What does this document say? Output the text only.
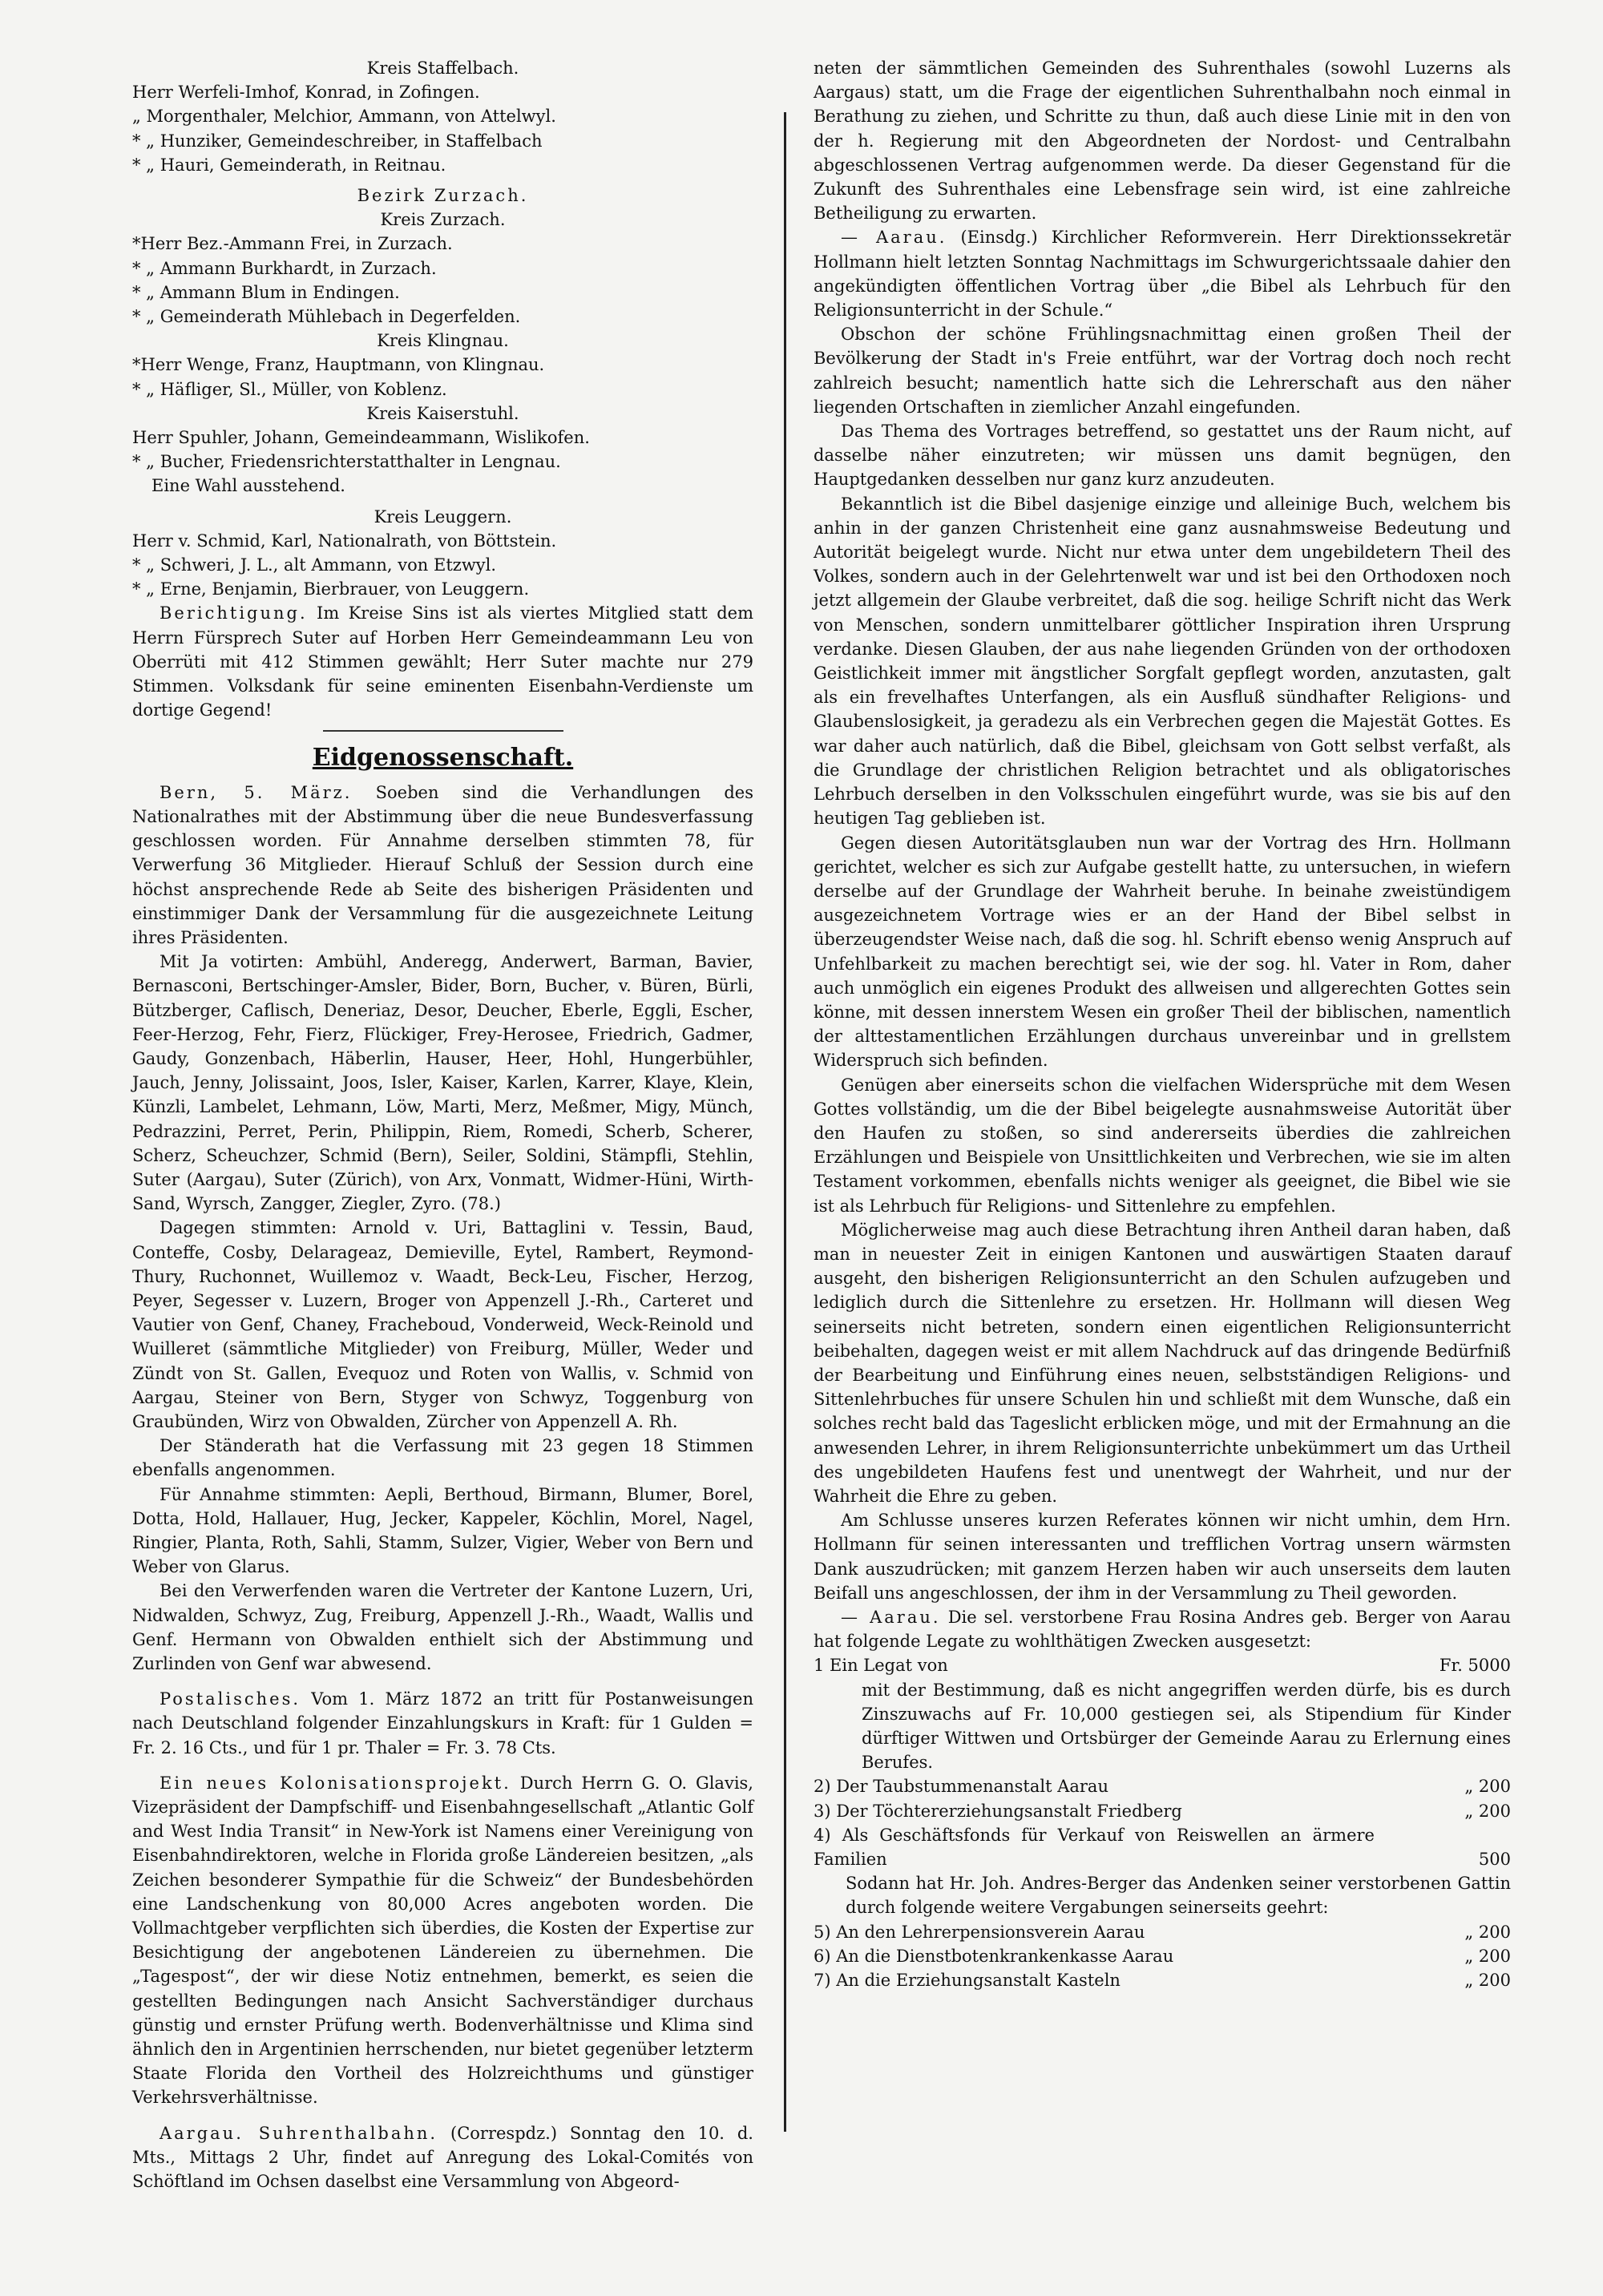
Kreis Staffelbach.

Herr Werfeli-Imhof, Konrad, in Zofingen.

„ Morgenthaler, Melchior, Ammann, von Attelwyl.

* „ Hunziker, Gemeindeschreiber, in Staffelbach

* „ Hauri, Gemeinderath, in Reitnau.

Bezirk Zurzach.

Kreis Zurzach.

*Herr Bez.-Ammann Frei, in Zurzach.

* „ Ammann Burkhardt, in Zurzach.

* „ Ammann Blum in Endingen.

* „ Gemeinderath Mühlebach in Degerfelden.

Kreis Klingnau.

*Herr Wenge, Franz, Hauptmann, von Klingnau.

* „ Häfliger, Sl., Müller, von Koblenz.

Kreis Kaiserstuhl.

Herr Spuhler, Johann, Gemeindeammann, Wislikofen.

* „ Bucher, Friedensrichterstatthalter in Lengnau.

Eine Wahl ausstehend.

Kreis Leuggern.

Herr v. Schmid, Karl, Nationalrath, von Böttstein.

* „ Schweri, J. L., alt Ammann, von Etzwyl.

* „ Erne, Benjamin, Bierbrauer, von Leuggern.

Berichtigung. Im Kreise Sins ist als viertes Mitglied statt dem Herrn Fürsprech Suter auf Horben Herr Gemeindeammann Leu von Oberrüti mit 412 Stimmen gewählt; Herr Suter machte nur 279 Stimmen. Volksdank für seine eminenten Eisenbahn-Verdienste um dortige Gegend!

Eidgenossenschaft.

Bern, 5. März. Soeben sind die Verhandlungen des Nationalrathes mit der Abstimmung über die neue Bundesverfassung geschlossen worden. Für Annahme derselben stimmten 78, für Verwerfung 36 Mitglieder. Hierauf Schluß der Session durch eine höchst ansprechende Rede ab Seite des bisherigen Präsidenten und einstimmiger Dank der Versammlung für die ausgezeichnete Leitung ihres Präsidenten.

Mit Ja votirten: Ambühl, Anderegg, Anderwert, Barman, Bavier, Bernasconi, Bertschinger-Amsler, Bider, Born, Bucher, v. Büren, Bürli, Bützberger, Caflisch, Deneriaz, Desor, Deucher, Eberle, Eggli, Escher, Feer-Herzog, Fehr, Fierz, Flückiger, Frey-Herosee, Friedrich, Gadmer, Gaudy, Gonzenbach, Häberlin, Hauser, Heer, Hohl, Hungerbühler, Jauch, Jenny, Jolissaint, Joos, Isler, Kaiser, Karlen, Karrer, Klaye, Klein, Künzli, Lambelet, Lehmann, Löw, Marti, Merz, Meßmer, Migy, Münch, Pedrazzini, Perret, Perin, Philippin, Riem, Romedi, Scherb, Scherer, Scherz, Scheuchzer, Schmid (Bern), Seiler, Soldini, Stämpfli, Stehlin, Suter (Aargau), Suter (Zürich), von Arx, Vonmatt, Widmer-Hüni, Wirth-Sand, Wyrsch, Zangger, Ziegler, Zyro. (78.)

Dagegen stimmten: Arnold v. Uri, Battaglini v. Tessin, Baud, Conteffe, Cosby, Delarageaz, Demieville, Eytel, Rambert, Reymond-Thury, Ruchonnet, Wuillemoz v. Waadt, Beck-Leu, Fischer, Herzog, Peyer, Segesser v. Luzern, Broger von Appenzell J.-Rh., Carteret und Vautier von Genf, Chaney, Fracheboud, Vonderweid, Weck-Reinold und Wuilleret (sämmtliche Mitglieder) von Freiburg, Müller, Weder und Zündt von St. Gallen, Evequoz und Roten von Wallis, v. Schmid von Aargau, Steiner von Bern, Styger von Schwyz, Toggenburg von Graubünden, Wirz von Obwalden, Zürcher von Appenzell A. Rh.

Der Ständerath hat die Verfassung mit 23 gegen 18 Stimmen ebenfalls angenommen.

Für Annahme stimmten: Aepli, Berthoud, Birmann, Blumer, Borel, Dotta, Hold, Hallauer, Hug, Jecker, Kappeler, Köchlin, Morel, Nagel, Ringier, Planta, Roth, Sahli, Stamm, Sulzer, Vigier, Weber von Bern und Weber von Glarus.

Bei den Verwerfenden waren die Vertreter der Kantone Luzern, Uri, Nidwalden, Schwyz, Zug, Freiburg, Appenzell J.-Rh., Waadt, Wallis und Genf. Hermann von Obwalden enthielt sich der Abstimmung und Zurlinden von Genf war abwesend.

Postalisches. Vom 1. März 1872 an tritt für Postanweisungen nach Deutschland folgender Einzahlungskurs in Kraft: für 1 Gulden = Fr. 2. 16 Cts., und für 1 pr. Thaler = Fr. 3. 78 Cts.

Ein neues Kolonisationsprojekt. Durch Herrn G. O. Glavis, Vizepräsident der Dampfschiff- und Eisenbahngesellschaft „Atlantic Golf and West India Transit“ in New-York ist Namens einer Vereinigung von Eisenbahndirektoren, welche in Florida große Ländereien besitzen, „als Zeichen besonderer Sympathie für die Schweiz“ der Bundesbehörden eine Landschenkung von 80,000 Acres angeboten worden. Die Vollmachtgeber verpflichten sich überdies, die Kosten der Expertise zur Besichtigung der angebotenen Ländereien zu übernehmen. Die „Tagespost“, der wir diese Notiz entnehmen, bemerkt, es seien die gestellten Bedingungen nach Ansicht Sachverständiger durchaus günstig und ernster Prüfung werth. Bodenverhältnisse und Klima sind ähnlich den in Argentinien herrschenden, nur bietet gegenüber letzterm Staate Florida den Vortheil des Holzreichthums und günstiger Verkehrsverhältnisse.

Aargau. Suhrenthalbahn. (Correspdz.) Sonntag den 10. d. Mts., Mittags 2 Uhr, findet auf Anregung des Lokal-Comités von Schöftland im Ochsen daselbst eine Versammlung von Abgeord-

neten der sämmtlichen Gemeinden des Suhrenthales (sowohl Luzerns als Aargaus) statt, um die Frage der eigentlichen Suhrenthalbahn noch einmal in Berathung zu ziehen, und Schritte zu thun, daß auch diese Linie mit in den von der h. Regierung mit den Abgeordneten der Nordost- und Centralbahn abgeschlossenen Vertrag aufgenommen werde. Da dieser Gegenstand für die Zukunft des Suhrenthales eine Lebensfrage sein wird, ist eine zahlreiche Betheiligung zu erwarten.

— Aarau. (Einsdg.) Kirchlicher Reformverein. Herr Direktionssekretär Hollmann hielt letzten Sonntag Nachmittags im Schwurgerichtssaale dahier den angekündigten öffentlichen Vortrag über „die Bibel als Lehrbuch für den Religionsunterricht in der Schule.“

Obschon der schöne Frühlingsnachmittag einen großen Theil der Bevölkerung der Stadt in's Freie entführt, war der Vortrag doch noch recht zahlreich besucht; namentlich hatte sich die Lehrerschaft aus den näher liegenden Ortschaften in ziemlicher Anzahl eingefunden.

Das Thema des Vortrages betreffend, so gestattet uns der Raum nicht, auf dasselbe näher einzutreten; wir müssen uns damit begnügen, den Hauptgedanken desselben nur ganz kurz anzudeuten.

Bekanntlich ist die Bibel dasjenige einzige und alleinige Buch, welchem bis anhin in der ganzen Christenheit eine ganz ausnahmsweise Bedeutung und Autorität beigelegt wurde. Nicht nur etwa unter dem ungebildetern Theil des Volkes, sondern auch in der Gelehrtenwelt war und ist bei den Orthodoxen noch jetzt allgemein der Glaube verbreitet, daß die sog. heilige Schrift nicht das Werk von Menschen, sondern unmittelbarer göttlicher Inspiration ihren Ursprung verdanke. Diesen Glauben, der aus nahe liegenden Gründen von der orthodoxen Geistlichkeit immer mit ängstlicher Sorgfalt gepflegt worden, anzutasten, galt als ein frevelhaftes Unterfangen, als ein Ausfluß sündhafter Religions- und Glaubenslosigkeit, ja geradezu als ein Verbrechen gegen die Majestät Gottes. Es war daher auch natürlich, daß die Bibel, gleichsam von Gott selbst verfaßt, als die Grundlage der christlichen Religion betrachtet und als obligatorisches Lehrbuch derselben in den Volksschulen eingeführt wurde, was sie bis auf den heutigen Tag geblieben ist.

Gegen diesen Autoritätsglauben nun war der Vortrag des Hrn. Hollmann gerichtet, welcher es sich zur Aufgabe gestellt hatte, zu untersuchen, in wiefern derselbe auf der Grundlage der Wahrheit beruhe. In beinahe zweistündigem ausgezeichnetem Vortrage wies er an der Hand der Bibel selbst in überzeugendster Weise nach, daß die sog. hl. Schrift ebenso wenig Anspruch auf Unfehlbarkeit zu machen berechtigt sei, wie der sog. hl. Vater in Rom, daher auch unmöglich ein eigenes Produkt des allweisen und allgerechten Gottes sein könne, mit dessen innerstem Wesen ein großer Theil der biblischen, namentlich der alttestamentlichen Erzählungen durchaus unvereinbar und in grellstem Widerspruch sich befinden.

Genügen aber einerseits schon die vielfachen Widersprüche mit dem Wesen Gottes vollständig, um die der Bibel beigelegte ausnahmsweise Autorität über den Haufen zu stoßen, so sind andererseits überdies die zahlreichen Erzählungen und Beispiele von Unsittlichkeiten und Verbrechen, wie sie im alten Testament vorkommen, ebenfalls nichts weniger als geeignet, die Bibel wie sie ist als Lehrbuch für Religions- und Sittenlehre zu empfehlen.

Möglicherweise mag auch diese Betrachtung ihren Antheil daran haben, daß man in neuester Zeit in einigen Kantonen und auswärtigen Staaten darauf ausgeht, den bisherigen Religionsunterricht an den Schulen aufzugeben und lediglich durch die Sittenlehre zu ersetzen. Hr. Hollmann will diesen Weg seinerseits nicht betreten, sondern einen eigentlichen Religionsunterricht beibehalten, dagegen weist er mit allem Nachdruck auf das dringende Bedürfniß der Bearbeitung und Einführung eines neuen, selbstständigen Religions- und Sittenlehrbuches für unsere Schulen hin und schließt mit dem Wunsche, daß ein solches recht bald das Tageslicht erblicken möge, und mit der Ermahnung an die anwesenden Lehrer, in ihrem Religionsunterrichte unbekümmert um das Urtheil des ungebildeten Haufens fest und unentwegt der Wahrheit, und nur der Wahrheit die Ehre zu geben.

Am Schlusse unseres kurzen Referates können wir nicht umhin, dem Hrn. Hollmann für seinen interessanten und trefflichen Vortrag unsern wärmsten Dank auszudrücken; mit ganzem Herzen haben wir auch unserseits dem lauten Beifall uns angeschlossen, der ihm in der Versammlung zu Theil geworden.

— Aarau. Die sel. verstorbene Frau Rosina Andres geb. Berger von Aarau hat folgende Legate zu wohlthätigen Zwecken ausgesetzt:

1 Ein Legat von	Fr. 5000

mit der Bestimmung, daß es nicht angegriffen werden dürfe, bis es durch Zinszuwachs auf Fr. 10,000 gestiegen sei, als Stipendium für Kinder dürftiger Wittwen und Ortsbürger der Gemeinde Aarau zu Erlernung eines Berufes.

2) Der Taubstummenanstalt Aarau	„ 200
3) Der Töchtererziehungsanstalt Friedberg	„ 200
4) Als Geschäftsfonds für Verkauf von Reiswellen an ärmere Familien	500

Sodann hat Hr. Joh. Andres-Berger das Andenken seiner verstorbenen Gattin durch folgende weitere Vergabungen seinerseits geehrt:

5) An den Lehrerpensionsverein Aarau	„ 200
6) An die Dienstbotenkrankenkasse Aarau	„ 200
7) An die Erziehungsanstalt Kasteln	„ 200
